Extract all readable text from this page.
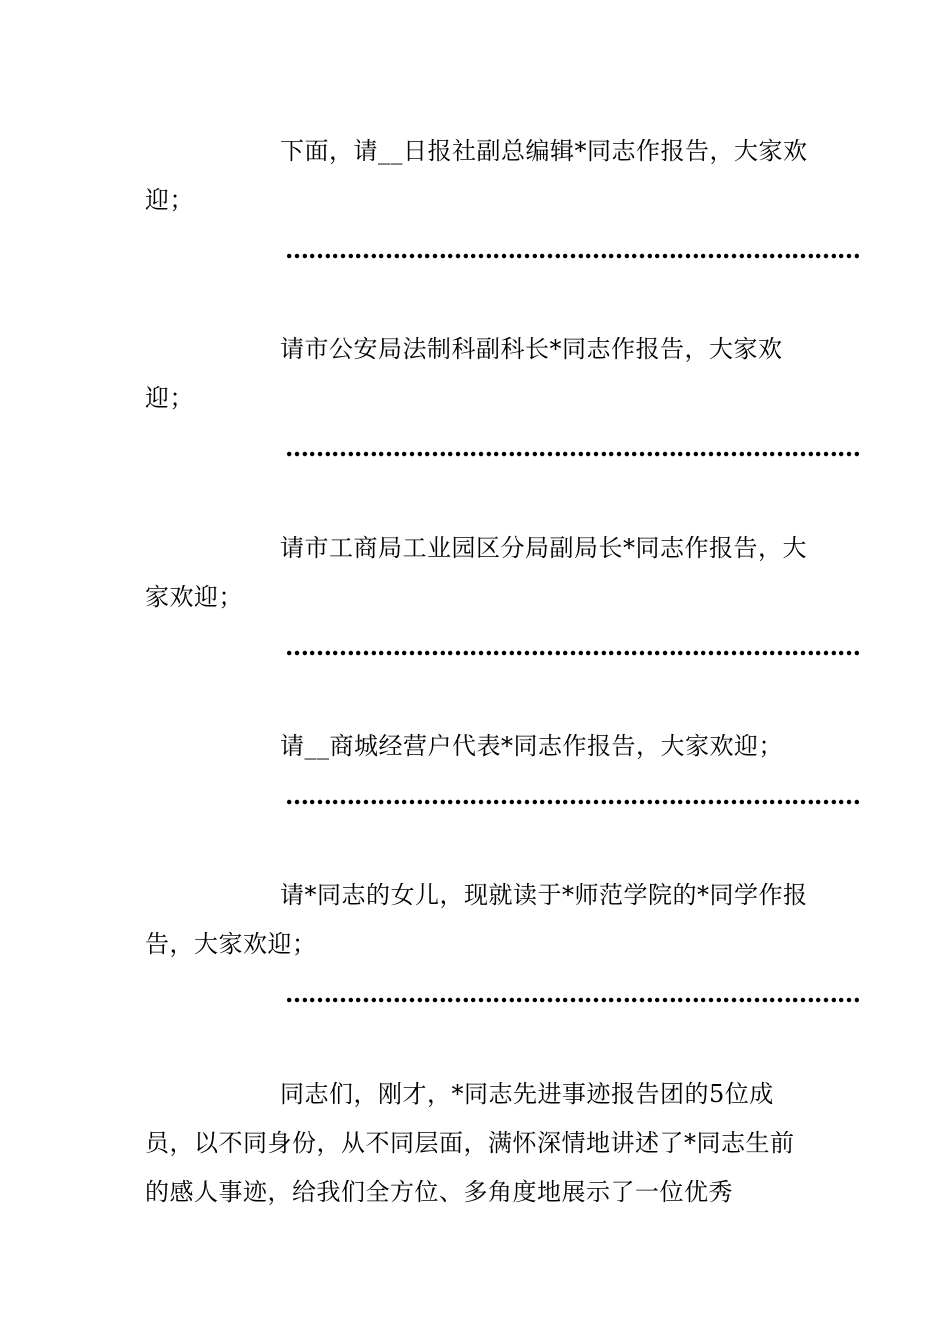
下面，请__日报社副总编辑*同志作报告，大家欢迎；

…………………………………………………………………

请市公安局法制科副科长*同志作报告，大家欢迎；

…………………………………………………………………

请市工商局工业园区分局副局长*同志作报告，大家欢迎；

…………………………………………………………………

请__商城经营户代表*同志作报告，大家欢迎；

…………………………………………………………………

请*同志的女儿，现就读于*师范学院的*同学作报告，大家欢迎；

…………………………………………………………………

同志们，刚才，*同志先进事迹报告团的5位成员，以不同身份，从不同层面，满怀深情地讲述了*同志生前的感人事迹，给我们全方位、多角度地展示了一位优秀
